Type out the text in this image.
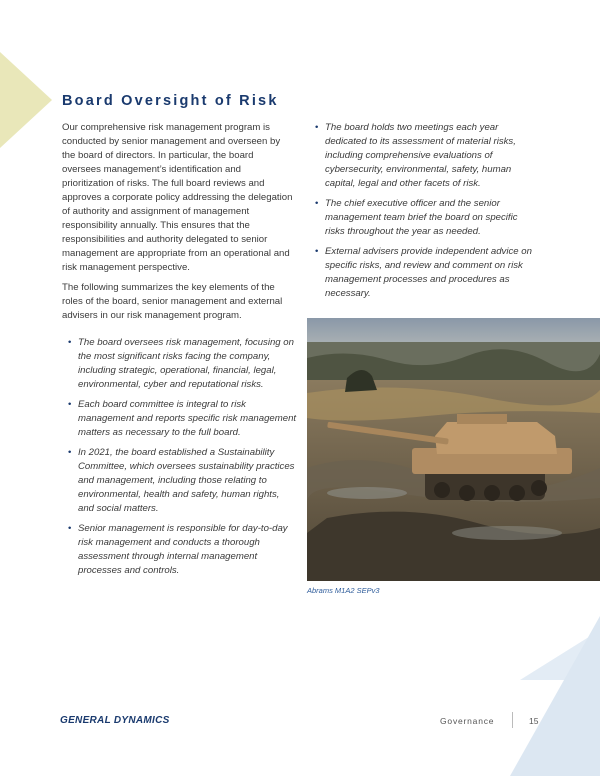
Board Oversight of Risk

Our comprehensive risk management program is conducted by senior management and overseen by the board of directors. In particular, the board oversees management’s identification and prioritization of risks. The full board reviews and approves a corporate policy addressing the delegation of authority and assignment of management responsibility annually. This ensures that the responsibilities and authority delegated to senior management are appropriate from an operational and risk management perspective.

The following summarizes the key elements of the roles of the board, senior management and external advisers in our risk management program.

• The board oversees risk management, focusing on the most significant risks facing the company, including strategic, operational, financial, legal, environmental, cyber and reputational risks.
• Each board committee is integral to risk management and reports specific risk management matters as necessary to the full board.
• In 2021, the board established a Sustainability Committee, which oversees sustainability practices and management, including those relating to environmental, health and safety, human rights, and social matters.
• Senior management is responsible for day-to-day risk management and conducts a thorough assessment through internal management processes and controls.
• The board holds two meetings each year dedicated to its assessment of material risks, including comprehensive evaluations of cybersecurity, environmental, safety, human capital, legal and other facets of risk.
• The chief executive officer and the senior management team brief the board on specific risks throughout the year as needed.
• External advisers provide independent advice on specific risks, and review and comment on risk management processes and procedures as necessary.

Abrams M1A2 SEPv3

GENERAL DYNAMICS	Governance	15
